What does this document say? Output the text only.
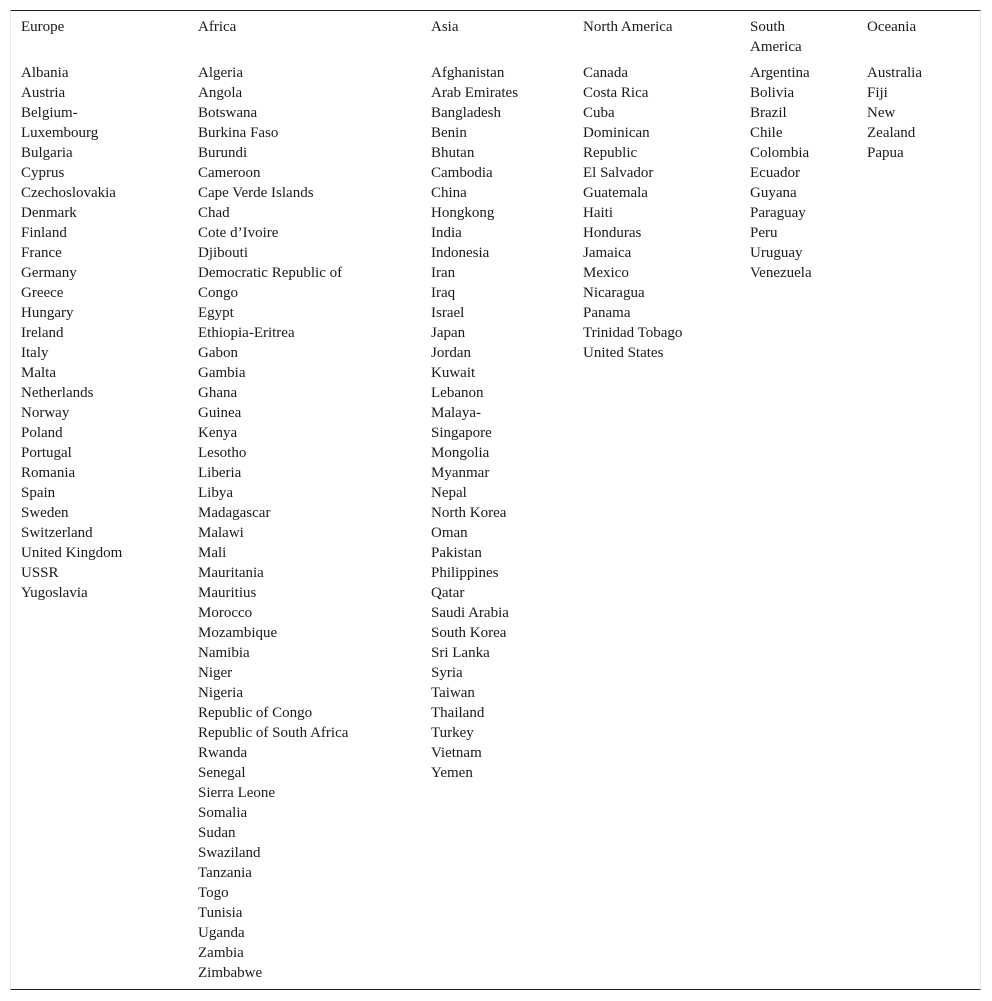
Europe
Albania
Austria
Belgium-
Luxembourg
Bulgaria
Cyprus
Czechoslovakia
Denmark
Finland
France
Germany
Greece
Hungary
Ireland
Italy
Malta
Netherlands
Norway
Poland
Portugal
Romania
Spain
Sweden
Switzerland
United Kingdom
USSR
Yugoslavia
Africa
Algeria
Angola
Botswana
Burkina Faso
Burundi
Cameroon
Cape Verde Islands
Chad
Cote d’Ivoire
Djibouti
Democratic Republic of
Congo
Egypt
Ethiopia-Eritrea
Gabon
Gambia
Ghana
Guinea
Kenya
Lesotho
Liberia
Libya
Madagascar
Malawi
Mali
Mauritania
Mauritius
Morocco
Mozambique
Namibia
Niger
Nigeria
Republic of Congo
Republic of South Africa
Rwanda
Senegal
Sierra Leone
Somalia
Sudan
Swaziland
Tanzania
Togo
Tunisia
Uganda
Zambia
Zimbabwe
Asia
Afghanistan
Arab Emirates
Bangladesh
Benin
Bhutan
Cambodia
China
Hongkong
India
Indonesia
Iran
Iraq
Israel
Japan
Jordan
Kuwait
Lebanon
Malaya-
Singapore
Mongolia
Myanmar
Nepal
North Korea
Oman
Pakistan
Philippines
Qatar
Saudi Arabia
South Korea
Sri Lanka
Syria
Taiwan
Thailand
Turkey
Vietnam
Yemen
North America
Canada
Costa Rica
Cuba
Dominican
Republic
El Salvador
Guatemala
Haiti
Honduras
Jamaica
Mexico
Nicaragua
Panama
Trinidad Tobago
United States
South America
Argentina
Bolivia
Brazil
Chile
Colombia
Ecuador
Guyana
Paraguay
Peru
Uruguay
Venezuela
Oceania
Australia
Fiji
New
Zealand
Papua
